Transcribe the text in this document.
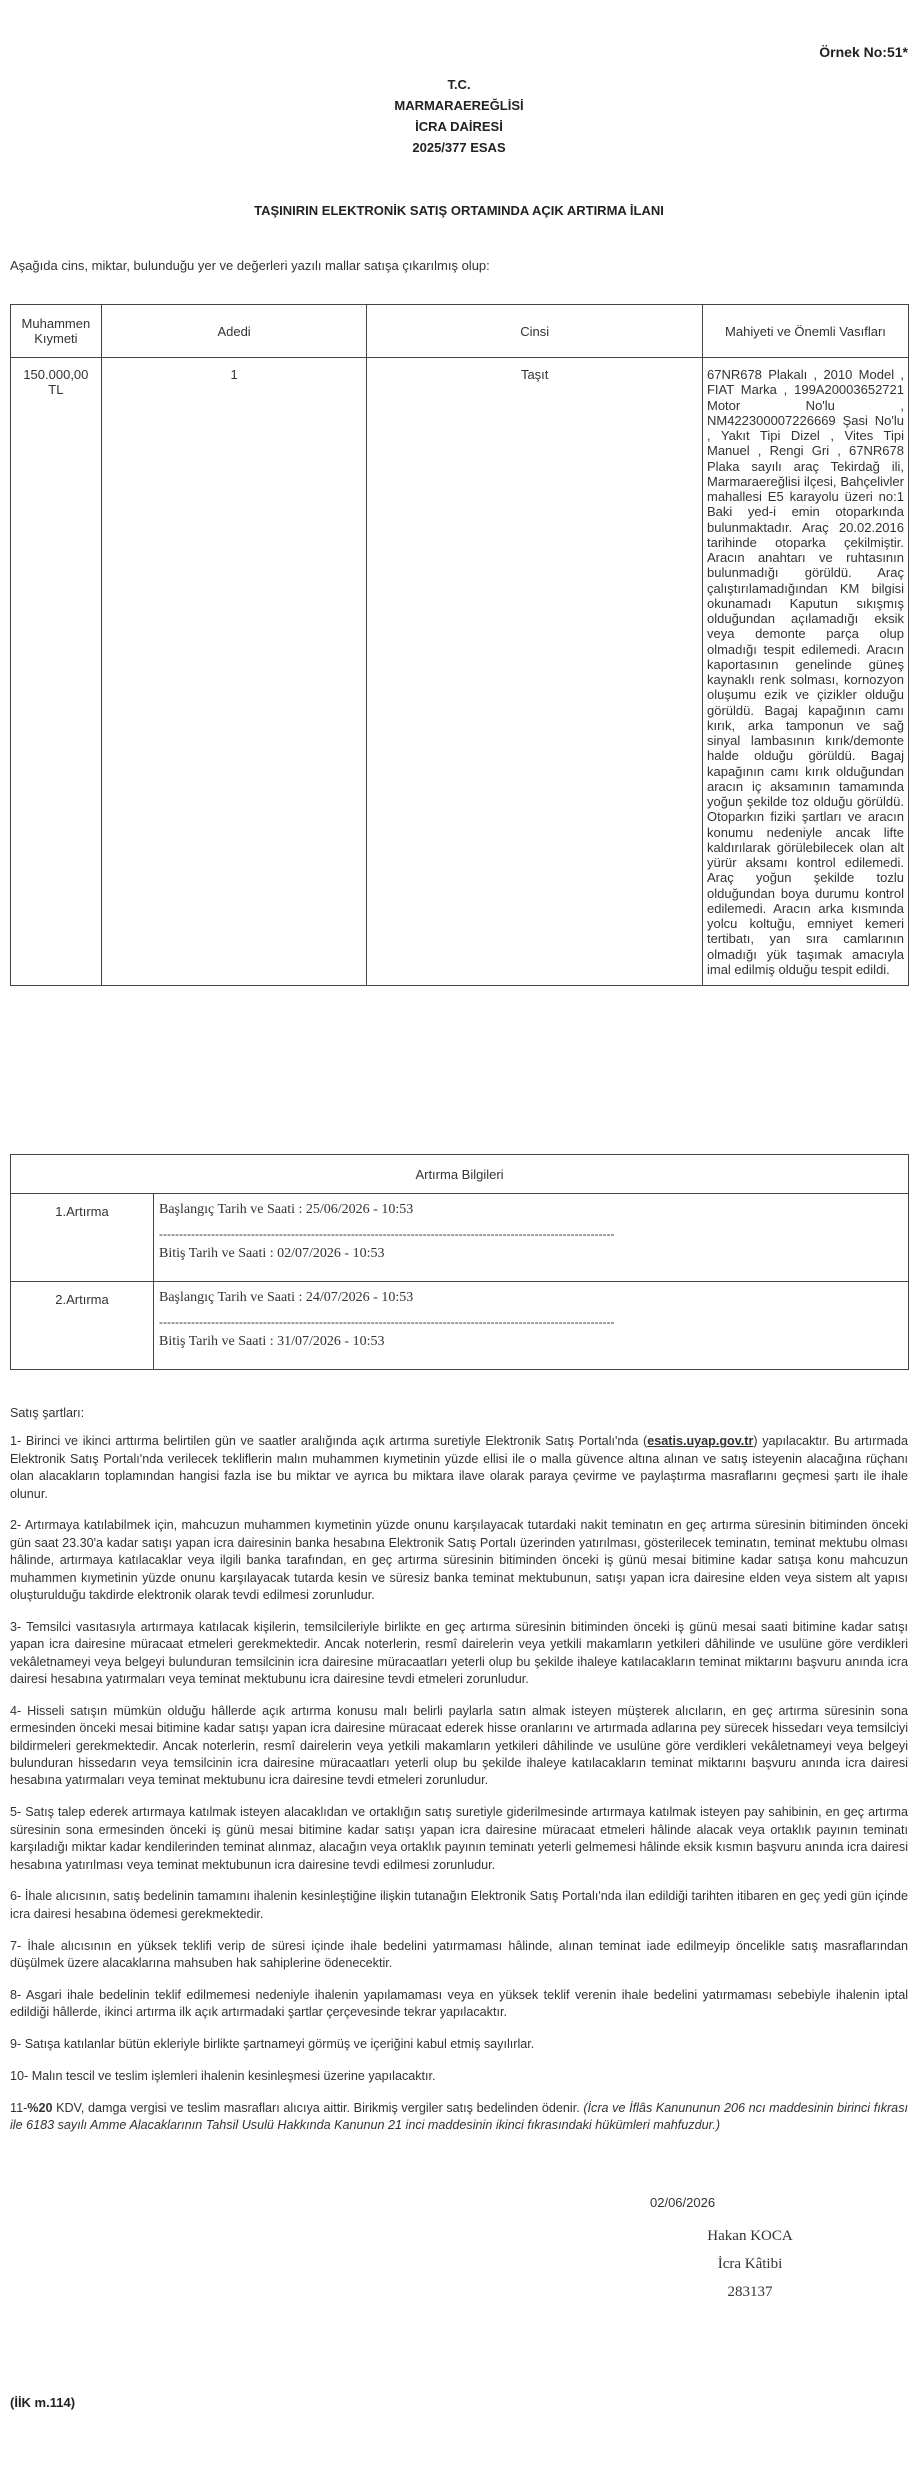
Örnek No:51*
T.C.
MARMARAEREĞLİSİ
İCRA DAİRESİ
2025/377 ESAS
TAŞINIRIN ELEKTRONİK SATIŞ ORTAMINDA AÇIK ARTIRMA İLANI
Aşağıda cins, miktar, bulunduğu yer ve değerleri yazılı mallar satışa çıkarılmış olup:
Muhammen Kıymeti	Adedi	Cinsi	Mahiyeti ve Önemli Vasıfları
150.000,00 TL	1	Taşıt	67NR678 Plakalı , 2010 Model , FIAT Marka , 199A20003652721 Motor No'lu , NM422300007226669 Şasi No'lu , Yakıt Tipi Dizel , Vites Tipi Manuel , Rengi Gri , 67NR678 Plaka sayılı araç Tekirdağ ili, Marmaraereğlisi ilçesi, Bahçelivler mahallesi E5 karayolu üzeri no:1 Baki yed-i emin otoparkında bulunmaktadır. Araç 20.02.2016 tarihinde otoparka çekilmiştir. Aracın anahtarı ve ruhtasının bulunmadığı görüldü. Araç çalıştırılamadığından KM bilgisi okunamadı Kaputun sıkışmış olduğundan açılamadığı eksik veya demonte parça olup olmadığı tespit edilemedi. Aracın kaportasının genelinde güneş kaynaklı renk solması, kornozyon oluşumu ezik ve çizikler olduğu görüldü. Bagaj kapağının camı kırık, arka tamponun ve sağ sinyal lambasının kırık/demonte halde olduğu görüldü. Bagaj kapağının camı kırık olduğundan aracın iç aksamının tamamında yoğun şekilde toz olduğu görüldü. Otoparkın fiziki şartları ve aracın konumu nedeniyle ancak lifte kaldırılarak görülebilecek olan alt yürür aksamı kontrol edilemedi. Araç yoğun şekilde tozlu olduğundan boya durumu kontrol edilemedi. Aracın arka kısmında yolcu koltuğu, emniyet kemeri tertibatı, yan sıra camlarının olmadığı yük taşımak amacıyla imal edilmiş olduğu tespit edildi.
Artırma Bilgileri	
1.Artırma	Başlangıç Tarih ve Saati : 25/06/2026 - 10:53
------------------------------------------------------------------------------------------------------------------
Bitiş Tarih ve Saati : 02/07/2026 - 10:53

2.Artırma	Başlangıç Tarih ve Saati : 24/07/2026 - 10:53
------------------------------------------------------------------------------------------------------------------
Bitiş Tarih ve Saati : 31/07/2026 - 10:53

Satış şartları:

1- Birinci ve ikinci arttırma belirtilen gün ve saatler aralığında açık artırma suretiyle Elektronik Satış Portalı'nda (esatis.uyap.gov.tr) yapılacaktır. Bu artırmada Elektronik Satış Portalı'nda verilecek tekliflerin malın muhammen kıymetinin yüzde ellisi ile o malla güvence altına alınan ve satış isteyenin alacağına rüçhanı olan alacakların toplamından hangisi fazla ise bu miktar ve ayrıca bu miktara ilave olarak paraya çevirme ve paylaştırma masraflarını geçmesi şartı ile ihale olunur.

2- Artırmaya katılabilmek için, mahcuzun muhammen kıymetinin yüzde onunu karşılayacak tutardaki nakit teminatın en geç artırma süresinin bitiminden önceki gün saat 23.30'a kadar satışı yapan icra dairesinin banka hesabına Elektronik Satış Portalı üzerinden yatırılması, gösterilecek teminatın, teminat mektubu olması hâlinde, artırmaya katılacaklar veya ilgili banka tarafından, en geç artırma süresinin bitiminden önceki iş günü mesai bitimine kadar satışa konu mahcuzun muhammen kıymetinin yüzde onunu karşılayacak tutarda kesin ve süresiz banka teminat mektubunun, satışı yapan icra dairesine elden veya sistem alt yapısı oluşturulduğu takdirde elektronik olarak tevdi edilmesi zorunludur.

3- Temsilci vasıtasıyla artırmaya katılacak kişilerin, temsilcileriyle birlikte en geç artırma süresinin bitiminden önceki iş günü mesai saati bitimine kadar satışı yapan icra dairesine müracaat etmeleri gerekmektedir. Ancak noterlerin, resmî dairelerin veya yetkili makamların yetkileri dâhilinde ve usulüne göre verdikleri vekâletnameyi veya belgeyi bulunduran temsilcinin icra dairesine müracaatları yeterli olup bu şekilde ihaleye katılacakların teminat miktarını başvuru anında icra dairesi hesabına yatırmaları veya teminat mektubunu icra dairesine tevdi etmeleri zorunludur.

4- Hisseli satışın mümkün olduğu hâllerde açık artırma konusu malı belirli paylarla satın almak isteyen müşterek alıcıların, en geç artırma süresinin sona ermesinden önceki mesai bitimine kadar satışı yapan icra dairesine müracaat ederek hisse oranlarını ve artırmada adlarına pey sürecek hissedarı veya temsilciyi bildirmeleri gerekmektedir. Ancak noterlerin, resmî dairelerin veya yetkili makamların yetkileri dâhilinde ve usulüne göre verdikleri vekâletnameyi veya belgeyi bulunduran hissedarın veya temsilcinin icra dairesine müracaatları yeterli olup bu şekilde ihaleye katılacakların teminat miktarını başvuru anında icra dairesi hesabına yatırmaları veya teminat mektubunu icra dairesine tevdi etmeleri zorunludur.

5- Satış talep ederek artırmaya katılmak isteyen alacaklıdan ve ortaklığın satış suretiyle giderilmesinde artırmaya katılmak isteyen pay sahibinin, en geç artırma süresinin sona ermesinden önceki iş günü mesai bitimine kadar satışı yapan icra dairesine müracaat etmeleri hâlinde alacak veya ortaklık payının teminatı karşıladığı miktar kadar kendilerinden teminat alınmaz, alacağın veya ortaklık payının teminatı yeterli gelmemesi hâlinde eksik kısmın başvuru anında icra dairesi hesabına yatırılması veya teminat mektubunun icra dairesine tevdi edilmesi zorunludur.

6- İhale alıcısının, satış bedelinin tamamını ihalenin kesinleştiğine ilişkin tutanağın Elektronik Satış Portalı'nda ilan edildiği tarihten itibaren en geç yedi gün içinde icra dairesi hesabına ödemesi gerekmektedir.

7- İhale alıcısının en yüksek teklifi verip de süresi içinde ihale bedelini yatırmaması hâlinde, alınan teminat iade edilmeyip öncelikle satış masraflarından düşülmek üzere alacaklarına mahsuben hak sahiplerine ödenecektir.

8- Asgari ihale bedelinin teklif edilmemesi nedeniyle ihalenin yapılamaması veya en yüksek teklif verenin ihale bedelini yatırmaması sebebiyle ihalenin iptal edildiği hâllerde, ikinci artırma ilk açık artırmadaki şartlar çerçevesinde tekrar yapılacaktır.

9- Satışa katılanlar bütün ekleriyle birlikte şartnameyi görmüş ve içeriğini kabul etmiş sayılırlar.

10- Malın tescil ve teslim işlemleri ihalenin kesinleşmesi üzerine yapılacaktır.

11-%20 KDV, damga vergisi ve teslim masrafları alıcıya aittir. Birikmiş vergiler satış bedelinden ödenir. (İcra ve İflâs Kanununun 206 ncı maddesinin birinci fıkrası ile 6183 sayılı Amme Alacaklarının Tahsil Usulü Hakkında Kanunun 21 inci maddesinin ikinci fıkrasındaki hükümleri mahfuzdur.)

02/06/2026
Hakan KOCA
İcra Kâtibi
283137
(İİK m.114)
